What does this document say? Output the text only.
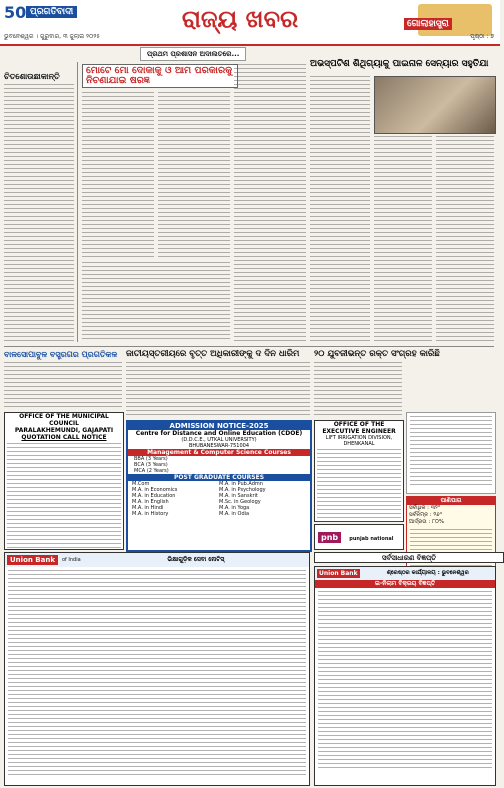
50 ପ୍ରଗତିବାଦୀ	ରାଜ୍ୟ ଖବର	ଗୋଲାହାସ୍ତ୍ରା
ଭୁବନେଶ୍ୱର । ଗୁରୁବାର, ୩ ଜୁଲାଇ ୨୦୨୫	ପୃଷ୍ଠା : ୭
ପ୍ରଥମ ପ୍ରଶାସନ ଅଦାଲତରେ...
ଚିତଶୋଉଛାକାନ୍ତି	ମୋଟେ ମୋ ଦୋକାକୁ ଓ ଆମ ପରକାରକୁ ନିଚଣାଯାଇ ଷରଜ୍ଞ
ଅଭସ୍ପଟିଶ ଶିଥିଗ୍ୟାକୁ ପାଇନାଳ ସେନ୍ୟାର ସହୁତିଯା
ବାଳସୋପାବୁଳ ବସ୍ତ୍ରଗର ପ୍ରଗତିକଳ	ଜାତୀୟସ୍ତରୀୟରେ ବୃତ୍ତ ଅଧିକାରୀଙ୍କୁ ଦ ଦିନ ଧାରିମ	୨୦ ଯୁବଜୀଭନ୍ତ ରକ୍ତ ସଂଗ୍ରହ କାରିଛି
OFFICE OF THE MUNICIPAL COUNCIL
PARALAKHEMUNDI, GAJAPATI
QUOTATION CALL NOTICE
ADMISSION NOTICE-2025
Centre for Distance and Online Education (CDOE)
(D.D.C.E., UTKAL UNIVERSITY)
BHUBANESWAR-751004
Management & Computer Science Courses
BBA (3 Years)
BCA (3 Years)
MCA (2 Years)
POST GRADUATE COURSES
M.Com	M.A. in Pub.Admn
M.A. in Economics	M.A. in Psychology
M.A. in Education	M.A. in Sanskrit
M.A. in English	M.Sc. in Geology
M.A. in Hindi	M.A. in Yoga
M.A. in History	M.A. in Odia
OFFICE OF THE EXECUTIVE ENGINEER
LIFT IRRIGATION DIVISION, DHENKANAL
pnb punjab national
ପାଣିପାଗ
ସର୍ବାଧିକ : ୩୨°
ସର୍ବନିମ୍ନ : ୨୬°
ଆର୍ଦ୍ରତା : ୮୦%
ସର୍ବସାଧାରଣ ବିଜ୍ଞପ୍ତି
Union Bank	of India	ଭିକ୍ଷାଗୁଡ଼ିକ ସେବା ନୋଟିସ୍
Union Bank	ଶ୍ରେଷ୍ଠର କାର୍ଯ୍ୟାଳୟ : ଭୁବନେଶ୍ୱର
ଇ-ନିଲାମ ବିକ୍ରୟ ବିଜ୍ଞପ୍ତି
